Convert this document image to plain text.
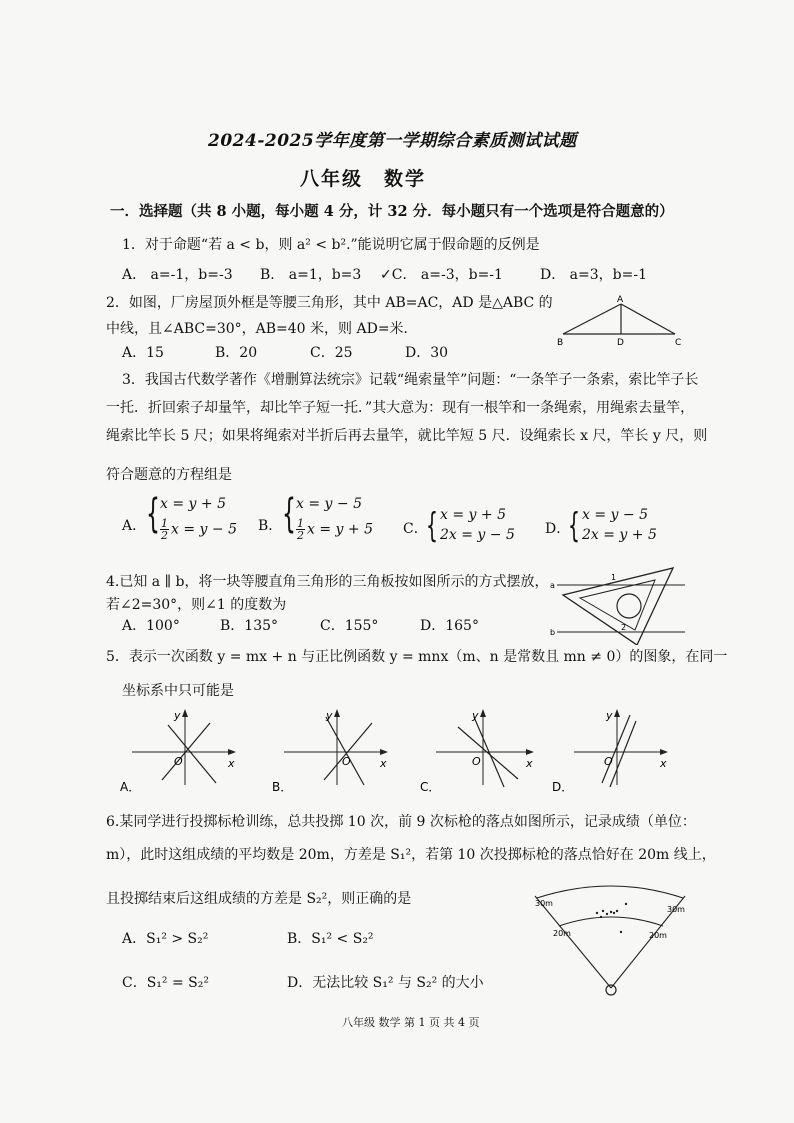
2024-2025学年度第一学期综合素质测试试题
八年级　数学
一．选择题（共 8 小题，每小题 4 分，计 32 分．每小题只有一个选项是符合题意的）
1．对于命题“若 a < b，则 a² < b².”能说明它属于假命题的反例是
A． a=-1，b=-3 B． a=1，b=3 ✓C． a=-3，b=-1	D． a=3，b=-1
2．如图，厂房屋顶外框是等腰三角形，其中 AB=AC，AD 是△ABC 的
中线，且∠ABC=30°，AB=40 米，则 AD=米．
A．15	B．20	C．25	D．30
A
B	D	C
3．我国古代数学著作《增删算法统宗》记载“绳索量竿”问题：“一条竿子一条索，索比竿子长
一托．折回索子却量竿，却比竿子短一托．”其大意为：现有一根竿和一条绳索，用绳索去量竿，
绳索比竿长 5 尺；如果将绳索对半折后再去量竿，就比竿短 5 尺．设绳索长 x 尺，竿长 y 尺，则
符合题意的方程组是
A． { x = y + 5
$\frac{1}{2}$ x = y − 5 B． { x = y − 5
$\frac{1}{2}$ x = y + 5 C．
{ x = y + 5
2x = y − 5 D．
{ x = y − 5
2x = y + 5
4.已知 a ∥ b，将一块等腰直角三角形的三角板按如图所示的方式摆放，
若∠2=30°，则∠1 的度数为
A．100°	B．135°	C．155°	D．165°
a
b
1
2
5．表示一次函数 y = mx + n 与正比例函数 y = mnx（m、n 是常数且 mn ≠ 0）的图象，在同一
坐标系中只可能是
y
x
O
A．
y
x
O
B．
y
x
O
C．
y
x
O
D．
6.某同学进行投掷标枪训练，总共投掷 10 次，前 9 次标枪的落点如图所示，记录成绩（单位：
m），此时这组成绩的平均数是 20m，方差是 S₁²，若第 10 次投掷标枪的落点恰好在 20m 线上，
且投掷结束后这组成绩的方差是 S₂²，则正确的是
A．S₁² > S₂²	B．S₁² < S₂²
C．S₁² = S₂²	D．无法比较 S₁² 与 S₂² 的大小
30m
30m
20m	20m
八年级 数学 第 1 页 共 4 页
